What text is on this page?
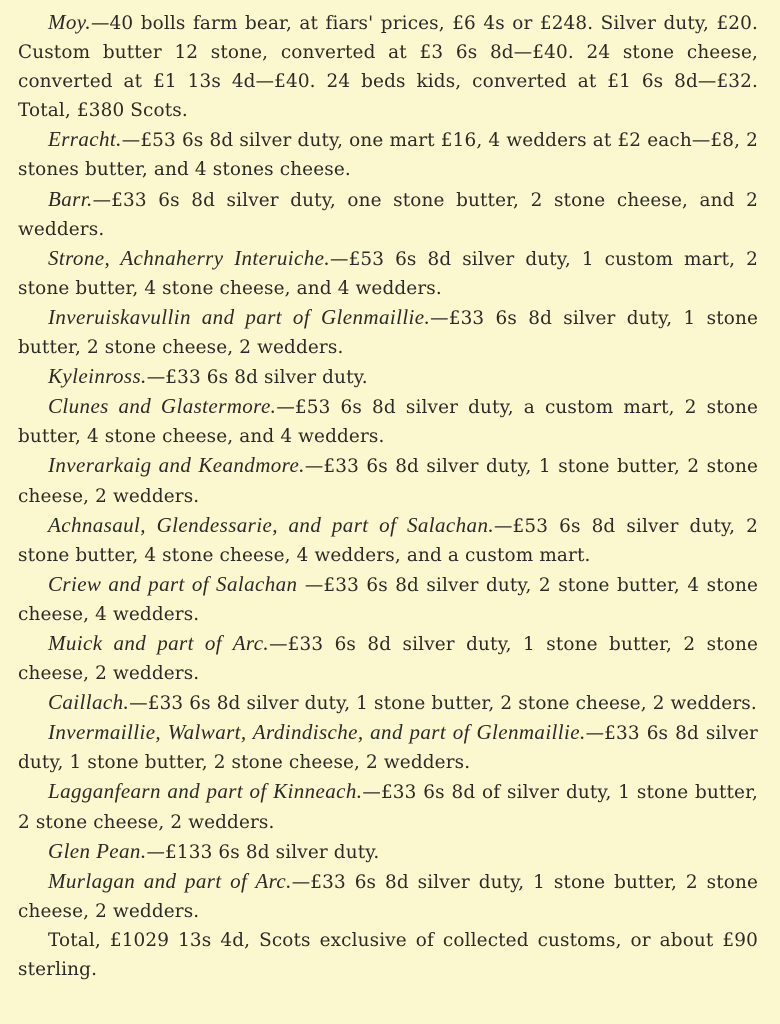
Moy.—40 bolls farm bear, at fiars' prices, £6 4s or £248. Silver duty, £20. Custom butter 12 stone, converted at £3 6s 8d—£40. 24 stone cheese, converted at £1 13s 4d—£40. 24 beds kids, converted at £1 6s 8d—£32. Total, £380 Scots.

Erracht.—£53 6s 8d silver duty, one mart £16, 4 wedders at £2 each—£8, 2 stones butter, and 4 stones cheese.

Barr.—£33 6s 8d silver duty, one stone butter, 2 stone cheese, and 2 wedders.

Strone, Achnaherry Interuiche.—£53 6s 8d silver duty, 1 custom mart, 2 stone butter, 4 stone cheese, and 4 wedders.

Inveruiskavullin and part of Glenmaillie.—£33 6s 8d silver duty, 1 stone butter, 2 stone cheese, 2 wedders.

Kyleinross.—£33 6s 8d silver duty.

Clunes and Glastermore.—£53 6s 8d silver duty, a custom mart, 2 stone butter, 4 stone cheese, and 4 wedders.

Inverarkaig and Keandmore.—£33 6s 8d silver duty, 1 stone butter, 2 stone cheese, 2 wedders.

Achnasaul, Glendessarie, and part of Salachan.—£53 6s 8d silver duty, 2 stone butter, 4 stone cheese, 4 wedders, and a custom mart.

Criew and part of Salachan —£33 6s 8d silver duty, 2 stone butter, 4 stone cheese, 4 wedders.

Muick and part of Arc.—£33 6s 8d silver duty, 1 stone butter, 2 stone cheese, 2 wedders.

Caillach.—£33 6s 8d silver duty, 1 stone butter, 2 stone cheese, 2 wedders.

Invermaillie, Walwart, Ardindische, and part of Glenmaillie.—£33 6s 8d silver duty, 1 stone butter, 2 stone cheese, 2 wedders.

Lagganfearn and part of Kinneach.—£33 6s 8d of silver duty, 1 stone butter, 2 stone cheese, 2 wedders.

Glen Pean.—£133 6s 8d silver duty.

Murlagan and part of Arc.—£33 6s 8d silver duty, 1 stone butter, 2 stone cheese, 2 wedders.

Total, £1029 13s 4d, Scots exclusive of collected customs, or about £90 sterling.
